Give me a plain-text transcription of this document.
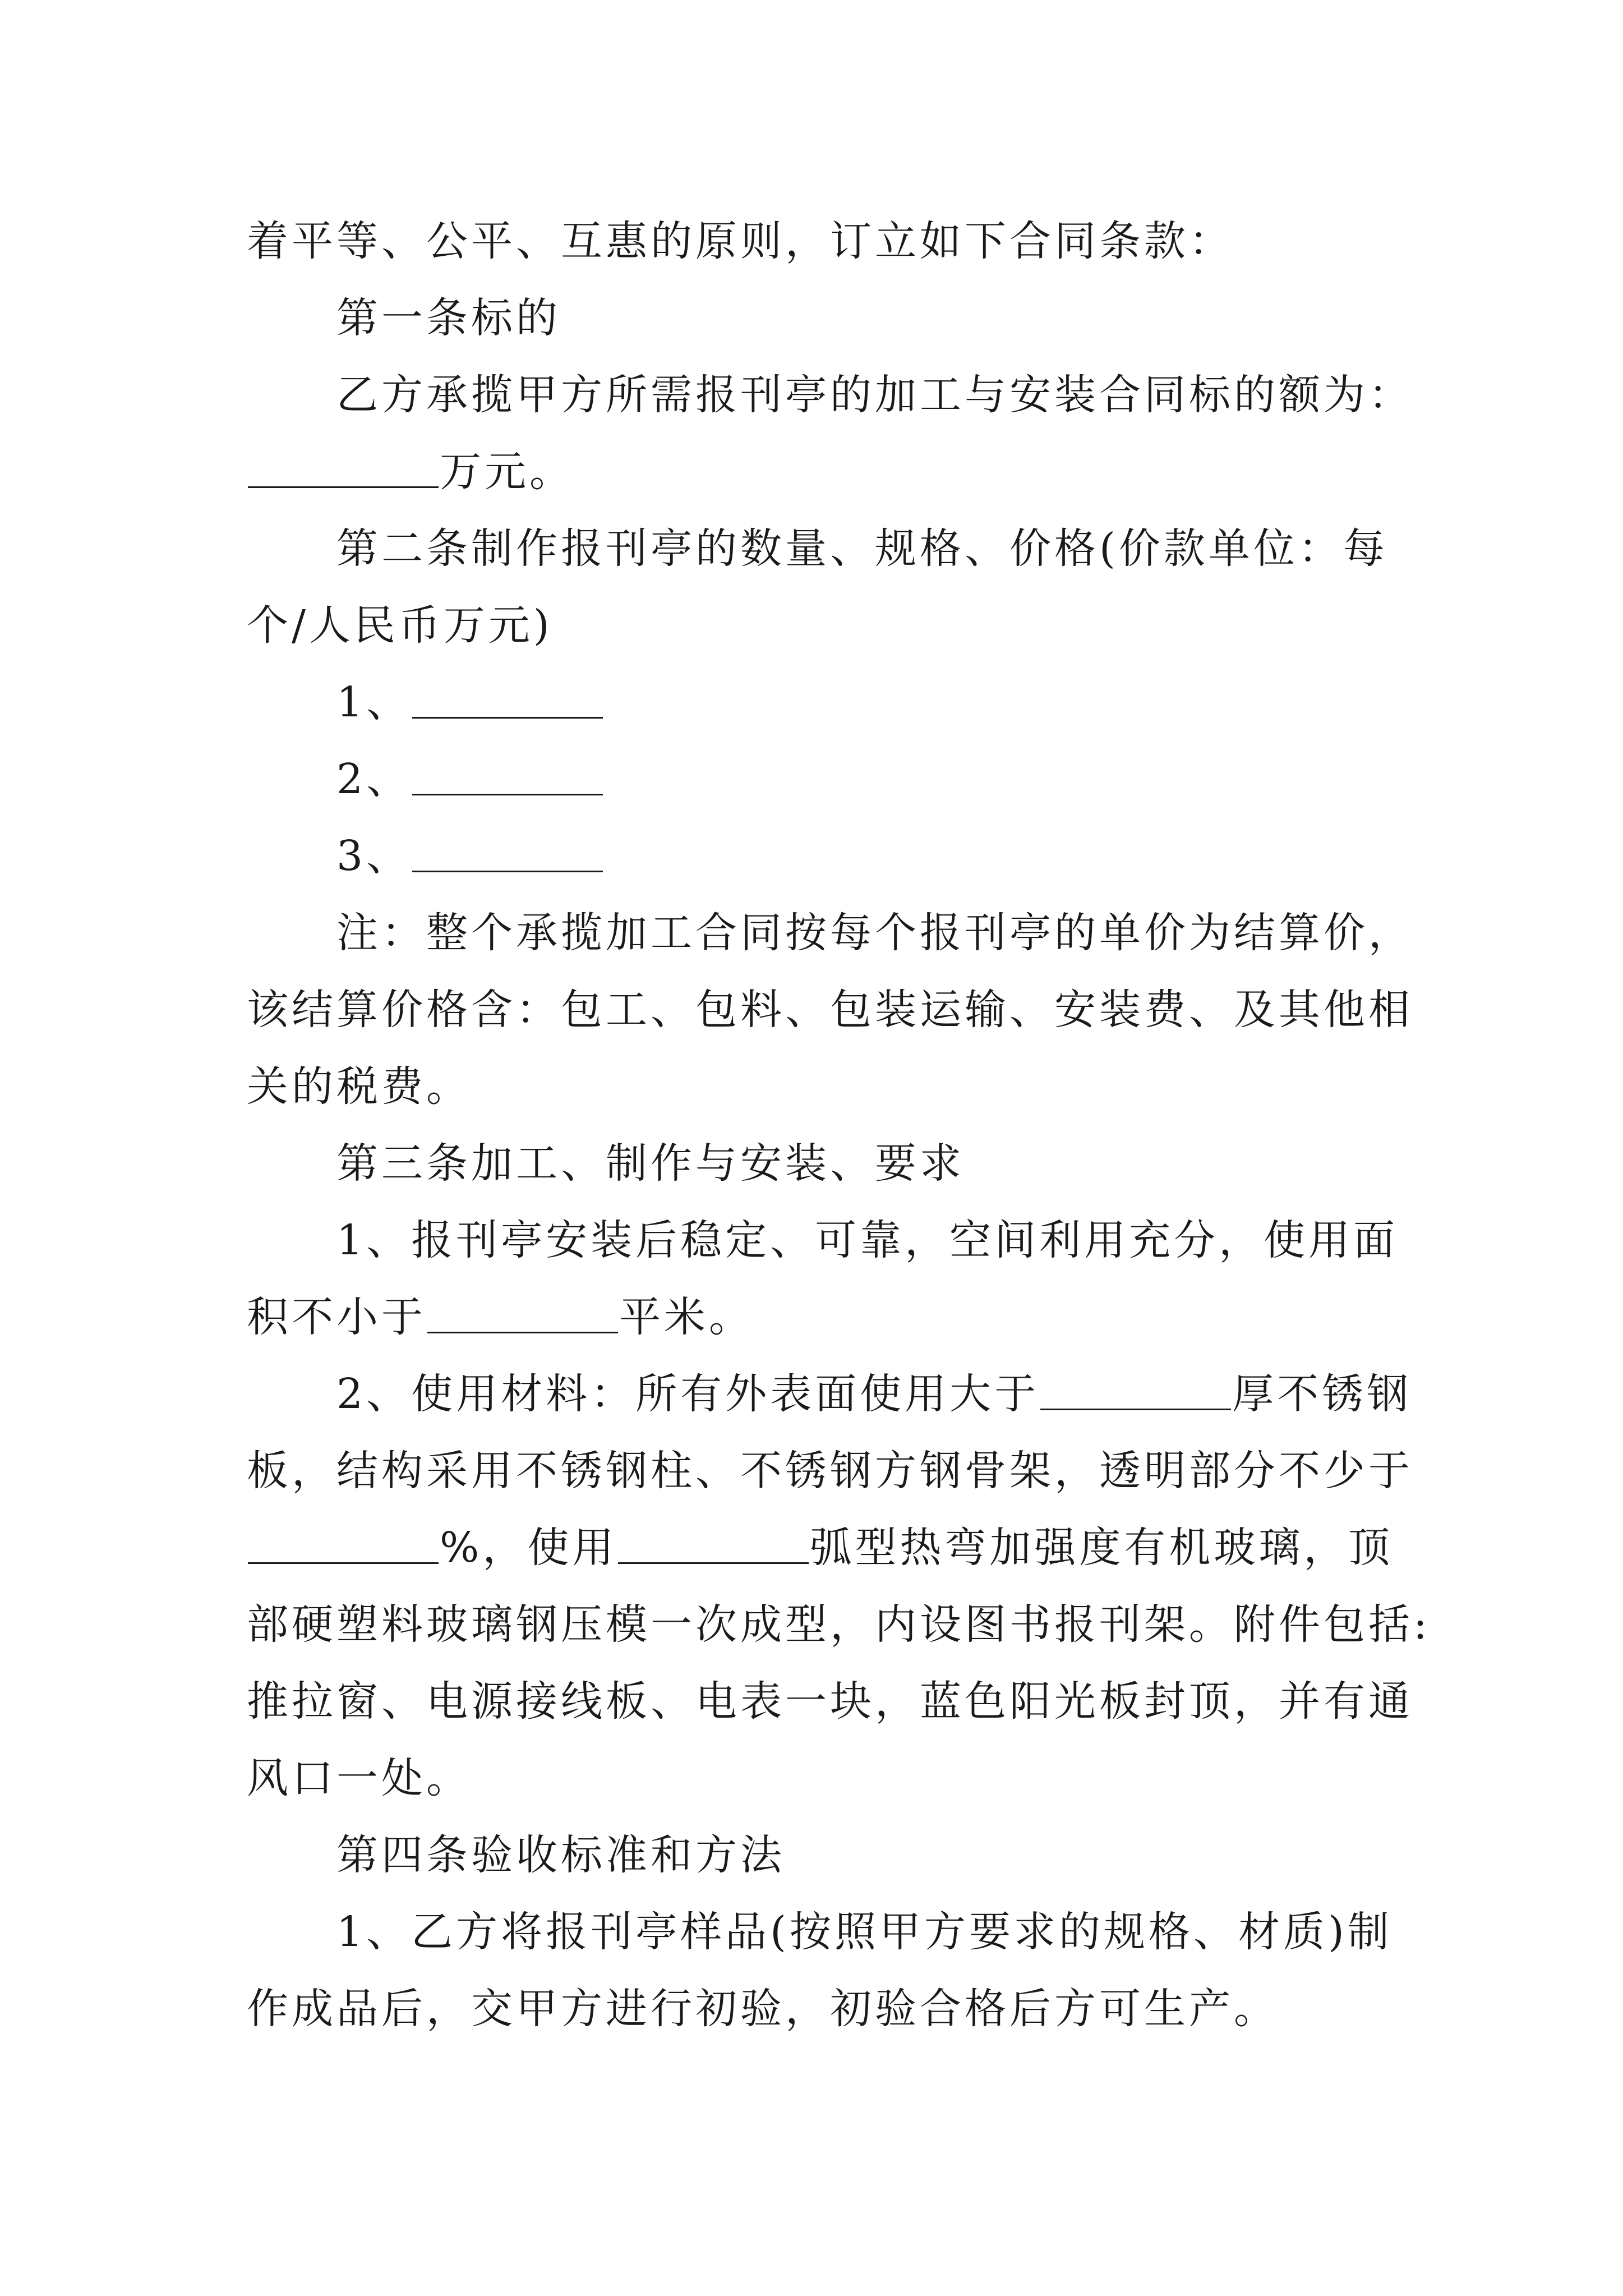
着平等、公平、互惠的原则，订立如下合同条款：
第一条标的
乙方承揽甲方所需报刊亭的加工与安装合同标的额为：
万元。
第二条制作报刊亭的数量、规格、价格(价款单位：每
个/人民币万元)
1、
2、
3、
注：整个承揽加工合同按每个报刊亭的单价为结算价，
该结算价格含：包工、包料、包装运输、安装费、及其他相
关的税费。
第三条加工、制作与安装、要求
1、报刊亭安装后稳定、可靠，空间利用充分，使用面
积不小于	平米。
2、使用材料：所有外表面使用大于	厚不锈钢
板，结构采用不锈钢柱、不锈钢方钢骨架，透明部分不少于
%，使用	弧型热弯加强度有机玻璃，顶
部硬塑料玻璃钢压模一次成型，内设图书报刊架。附件包括:
推拉窗、电源接线板、电表一块，蓝色阳光板封顶，并有通
风口一处。
第四条验收标准和方法
1、乙方将报刊亭样品(按照甲方要求的规格、材质)制
作成品后，交甲方进行初验，初验合格后方可生产。
